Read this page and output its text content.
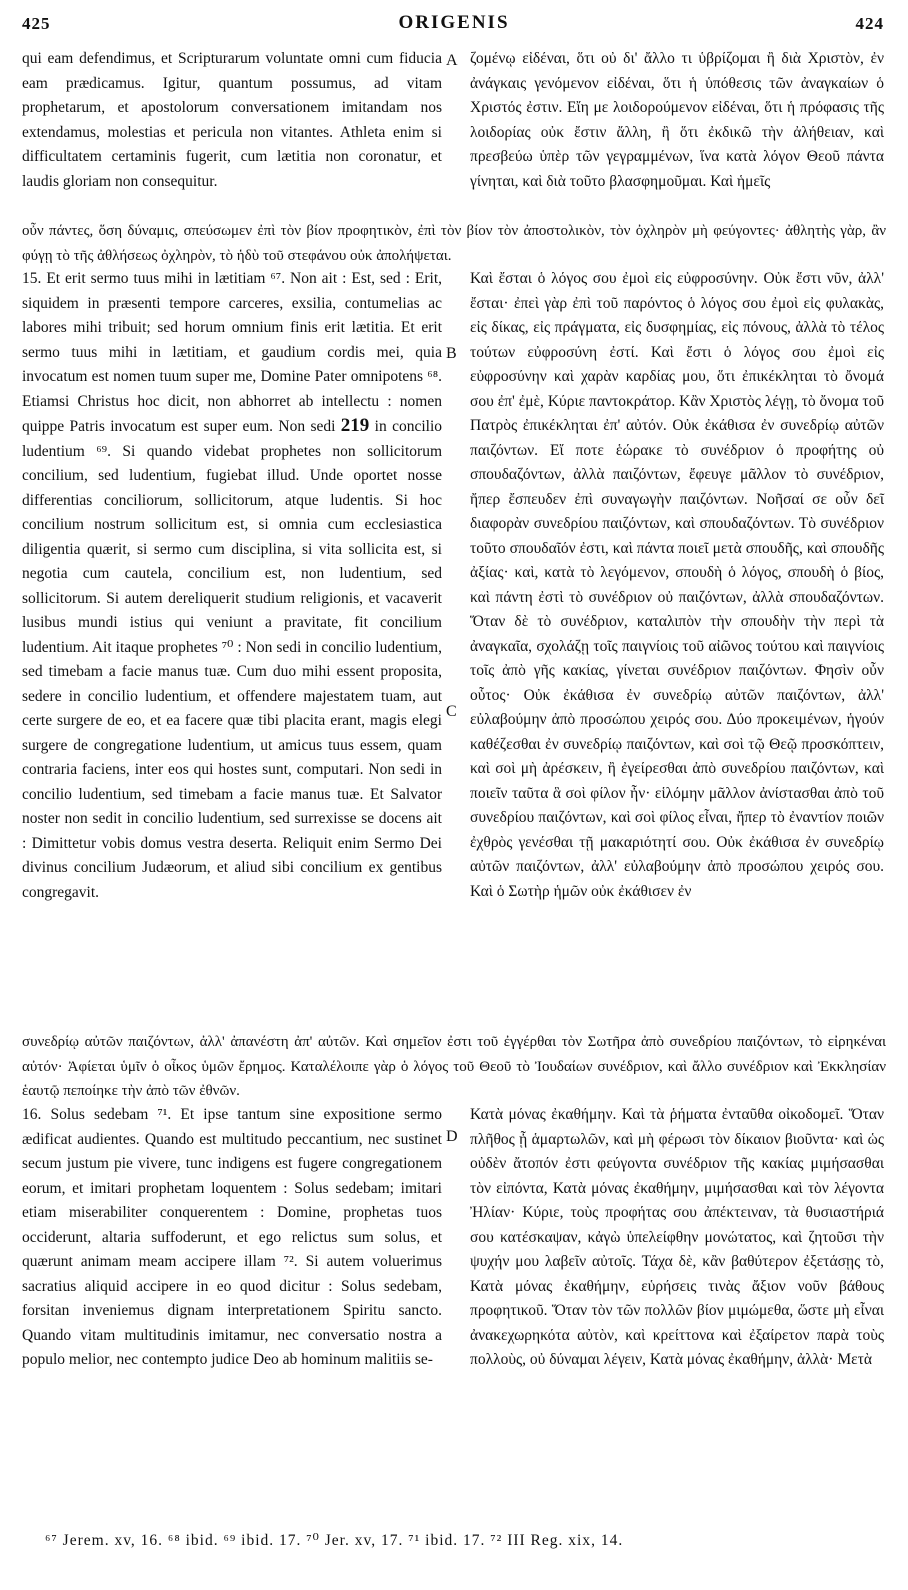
425	ORIGENIS	424
A
B
C
D

qui eam defendimus, et Scripturarum voluntate omni cum fiducia eam prædicamus. Igitur, quantum possumus, ad vitam prophetarum, et apostolorum conversationem imitandam nos extendamus, molestias et pericula non vitantes. Athleta enim si difficultatem certaminis fugerit, cum lætitia non coronatur, et laudis gloriam non consequitur.

ζομένῳ εἰδέναι, ὅτι οὐ δι' ἄλλο τι ὑβρίζομαι ἢ διὰ Χριστὸν, ἐν ἀνάγκαις γενόμενον εἰδέναι, ὅτι ἡ ὑπόθεσις τῶν ἀναγκαίων ὁ Χριστός ἐστιν. Εἴη με λοιδορούμενον εἰδέναι, ὅτι ἡ πρόφασις τῆς λοιδορίας οὐκ ἔστιν ἄλλη, ἢ ὅτι ἐκδικῶ τὴν ἀλήθειαν, καὶ πρεσβεύω ὑπὲρ τῶν γεγραμμένων, ἵνα κατὰ λόγον Θεοῦ πάντα γίνηται, καὶ διὰ τοῦτο βλασφημοῦμαι. Καὶ ἡμεῖς

οὖν πάντες, ὅση δύναμις, σπεύσωμεν ἐπὶ τὸν βίον προφητικὸν, ἐπὶ τὸν βίον τὸν ἀποστολικὸν, τὸν ὀχληρὸν μὴ φεύγοντες· ἀθλητὴς γὰρ, ἂν φύγῃ τὸ τῆς ἀθλήσεως ὀχληρὸν, τὸ ἡδὺ τοῦ στεφάνου οὐκ ἀπολήψεται.

15. Et erit sermo tuus mihi in lætitiam ⁶⁷. Non ait : Est, sed : Erit, siquidem in præsenti tempore carceres, exsilia, contumelias ac labores mihi tribuit; sed horum omnium finis erit lætitia. Et erit sermo tuus mihi in lætitiam, et gaudium cordis mei, quia invocatum est nomen tuum super me, Domine Pater omnipotens ⁶⁸. Etiamsi Christus hoc dicit, non abhorret ab intellectu : nomen quippe Patris invocatum est super eum. Non sedi 219 in concilio ludentium ⁶⁹. Si quando videbat prophetes non sollicitorum concilium, sed ludentium, fugiebat illud. Unde oportet nosse differentias conciliorum, sollicitorum, atque ludentis. Si hoc concilium nostrum sollicitum est, si omnia cum ecclesiastica diligentia quærit, si sermo cum disciplina, si vita sollicita est, si negotia cum cautela, concilium est, non ludentium, sed sollicitorum. Si autem dereliquerit studium religionis, et vacaverit lusibus mundi istius qui veniunt a pravitate, fit concilium ludentium. Ait itaque prophetes ⁷⁰ : Non sedi in concilio ludentium, sed timebam a facie manus tuæ. Cum duo mihi essent proposita, sedere in concilio ludentium, et offendere majestatem tuam, aut certe surgere de eo, et ea facere quæ tibi placita erant, magis elegi surgere de congregatione ludentium, ut amicus tuus essem, quam contraria faciens, inter eos qui hostes sunt, computari. Non sedi in concilio ludentium, sed timebam a facie manus tuæ. Et Salvator noster non sedit in concilio ludentium, sed surrexisse se docens ait : Dimittetur vobis domus vestra deserta. Reliquit enim Sermo Dei divinus concilium Judæorum, et aliud sibi concilium ex gentibus congregavit.

Καὶ ἔσται ὁ λόγος σου ἐμοὶ εἰς εὐφροσύνην. Οὐκ ἔστι νῦν, ἀλλ' ἔσται· ἐπεὶ γὰρ ἐπὶ τοῦ παρόντος ὁ λόγος σου ἐμοὶ εἰς φυλακὰς, εἰς δίκας, εἰς πράγματα, εἰς δυσφημίας, εἰς πόνους, ἀλλὰ τὸ τέλος τούτων εὐφροσύνη ἐστί. Καὶ ἔστι ὁ λόγος σου ἐμοὶ εἰς εὐφροσύνην καὶ χαρὰν καρδίας μου, ὅτι ἐπικέκληται τὸ ὄνομά σου ἐπ' ἐμὲ, Κύριε παντοκράτορ. Κἂν Χριστὸς λέγῃ, τὸ ὄνομα τοῦ Πατρὸς ἐπικέκληται ἐπ' αὐτόν. Οὐκ ἐκάθισα ἐν συνεδρίῳ αὐτῶν παιζόντων. Εἴ ποτε ἑώρακε τὸ συνέδριον ὁ προφήτης οὐ σπουδαζόντων, ἀλλὰ παιζόντων, ἔφευγε μᾶλλον τὸ συνέδριον, ἤπερ ἔσπευδεν ἐπὶ συναγωγὴν παιζόντων. Νοῆσαί σε οὖν δεῖ διαφορὰν συνεδρίου παιζόντων, καὶ σπουδαζόντων. Τὸ συνέδριον τοῦτο σπουδαῖόν ἐστι, καὶ πάντα ποιεῖ μετὰ σπουδῆς, καὶ σπουδῆς ἀξίας· καὶ, κατὰ τὸ λεγόμενον, σπουδὴ ὁ λόγος, σπουδὴ ὁ βίος, καὶ πάντη ἐστὶ τὸ συνέδριον οὐ παιζόντων, ἀλλὰ σπουδαζόντων. Ὅταν δὲ τὸ συνέδριον, καταλιπὸν τὴν σπουδὴν τὴν περὶ τὰ ἀναγκαῖα, σχολάζῃ τοῖς παιγνίοις τοῦ αἰῶνος τούτου καὶ παιγνίοις τοῖς ἀπὸ γῆς κακίας, γίνεται συνέδριον παιζόντων. Φησὶν οὖν οὗτος· Οὐκ ἐκάθισα ἐν συνεδρίῳ αὐτῶν παιζόντων, ἀλλ' εὐλαβούμην ἀπὸ προσώπου χειρός σου. Δύο προκειμένων, ἡγούν καθέζεσθαι ἐν συνεδρίῳ παιζόντων, καὶ σοὶ τῷ Θεῷ προσκόπτειν, καὶ σοὶ μὴ ἀρέσκειν, ἢ ἐγείρεσθαι ἀπὸ συνεδρίου παιζόντων, καὶ ποιεῖν ταῦτα ἃ σοὶ φίλον ἦν· εἱλόμην μᾶλλον ἀνίστασθαι ἀπὸ τοῦ συνεδρίου παιζόντων, καὶ σοὶ φίλος εἶναι, ἤπερ τὸ ἐναντίον ποιῶν ἐχθρὸς γενέσθαι τῇ μακαριότητί σου. Οὐκ ἐκάθισα ἐν συνεδρίῳ αὐτῶν παιζόντων, ἀλλ' εὐλαβούμην ἀπὸ προσώπου χειρός σου. Καὶ ὁ Σωτὴρ ἡμῶν οὐκ ἐκάθισεν ἐν

συνεδρίῳ αὐτῶν παιζόντων, ἀλλ' ἀπανέστη ἀπ' αὐτῶν. Καὶ σημεῖον ἐστι τοῦ ἐγγέρθαι τὸν Σωτῆρα ἀπὸ συνεδρίου παιζόντων, τὸ εἰρηκέναι αὐτόν· Ἀφίεται ὑμῖν ὁ οἶκος ὑμῶν ἔρημος. Καταλέλοιπε γὰρ ὁ λόγος τοῦ Θεοῦ τὸ Ἰουδαίων συνέδριον, καὶ ἄλλο συνέδριον καὶ Ἐκκλησίαν ἑαυτῷ πεποίηκε τὴν ἀπὸ τῶν ἐθνῶν.

16. Solus sedebam ⁷¹. Et ipse tantum sine expositione sermo ædificat audientes. Quando est multitudo peccantium, nec sustinet secum justum pie vivere, tunc indigens est fugere congregationem eorum, et imitari prophetam loquentem : Solus sedebam; imitari etiam miserabiliter conquerentem : Domine, prophetas tuos occiderunt, altaria suffoderunt, et ego relictus sum solus, et quærunt animam meam accipere illam ⁷². Si autem voluerimus sacratius aliquid accipere in eo quod dicitur : Solus sedebam, forsitan inveniemus dignam interpretationem Spiritu sancto. Quando vitam multitudinis imitamur, nec conversatio nostra a populo melior, nec contempto judice Deo ab hominum malitiis se-

Κατὰ μόνας ἐκαθήμην. Καὶ τὰ ῥήματα ἐνταῦθα οἰκοδομεῖ. Ὅταν πλῆθος ᾖ ἁμαρτωλῶν, καὶ μὴ φέρωσι τὸν δίκαιον βιοῦντα· καὶ ὡς οὐδὲν ἄτοπόν ἐστι φεύγοντα συνέδριον τῆς κακίας μιμήσασθαι τὸν εἰπόντα, Κατὰ μόνας ἐκαθήμην, μιμήσασθαι καὶ τὸν λέγοντα Ἠλίαν· Κύριε, τοὺς προφήτας σου ἀπέκτειναν, τὰ θυσιαστήριά σου κατέσκαψαν, κἀγὼ ὑπελείφθην μονώτατος, καὶ ζητοῦσι τὴν ψυχήν μου λαβεῖν αὐτοῖς. Τάχα δὲ, κἂν βαθύτερον ἐξετάσῃς τὸ, Κατὰ μόνας ἐκαθήμην, εὑρήσεις τινὰς ἄξιον νοῦν βάθους προφητικοῦ. Ὅταν τὸν τῶν πολλῶν βίον μιμώμεθα, ὥστε μὴ εἶναι ἀνακεχωρηκότα αὐτὸν, καὶ κρείττονα καὶ ἐξαίρετον παρὰ τοὺς πολλοὺς, οὐ δύναμαι λέγειν, Κατὰ μόνας ἐκαθήμην, ἀλλὰ· Μετὰ

⁶⁷ Jerem. xv, 16. ⁶⁸ ibid. ⁶⁹ ibid. 17. ⁷⁰ Jer. xv, 17. ⁷¹ ibid. 17. ⁷² III Reg. xix, 14.
